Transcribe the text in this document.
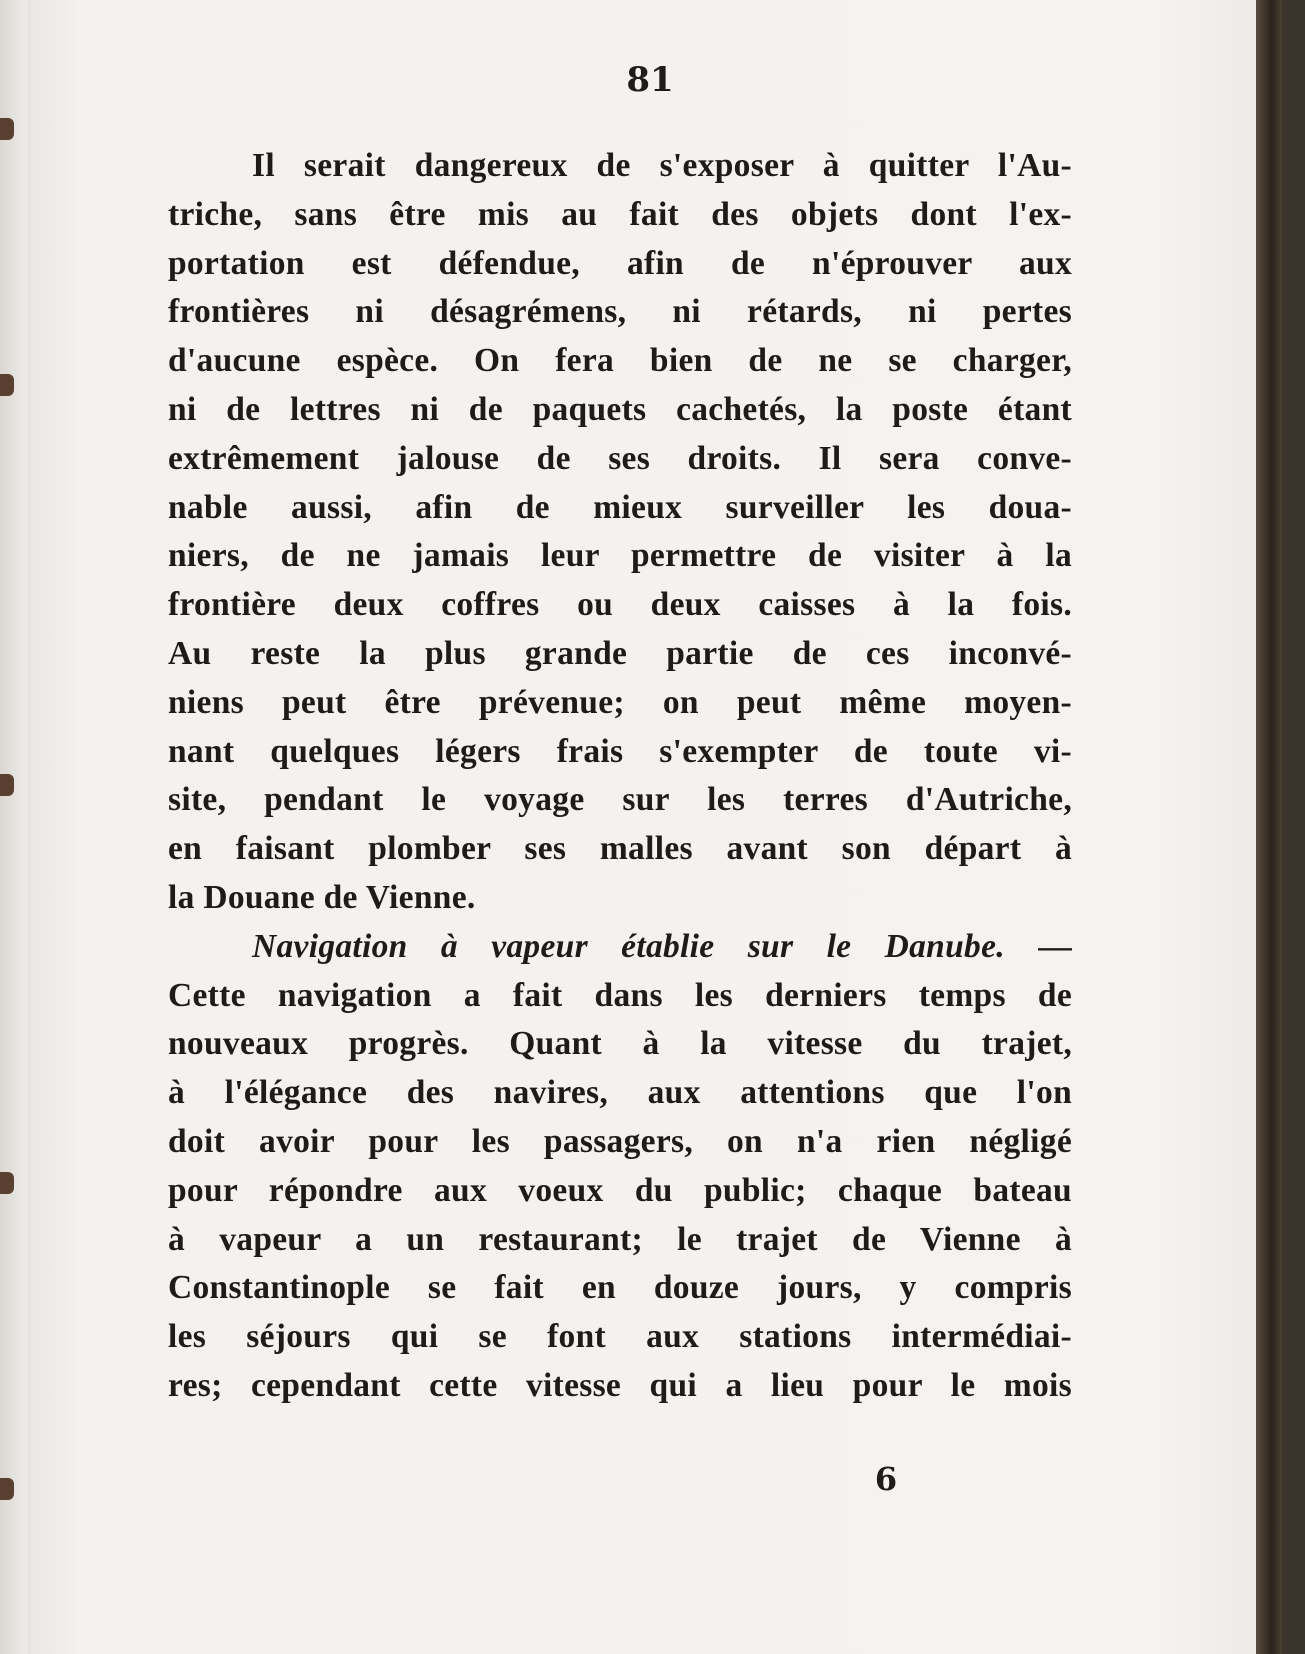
81
Il serait dangereux de s'exposer à quitter l'Au-
triche, sans être mis au fait des objets dont l'ex-
portation est défendue, afin de n'éprouver aux
frontières ni désagrémens, ni rétards, ni pertes
d'aucune espèce. On fera bien de ne se charger,
ni de lettres ni de paquets cachetés, la poste étant
extrêmement jalouse de ses droits. Il sera conve-
nable aussi, afin de mieux surveiller les doua-
niers, de ne jamais leur permettre de visiter à la
frontière deux coffres ou deux caisses à la fois.
Au reste la plus grande partie de ces inconvé-
niens peut être prévenue; on peut même moyen-
nant quelques légers frais s'exempter de toute vi-
site, pendant le voyage sur les terres d'Autriche,
en faisant plomber ses malles avant son départ à
la Douane de Vienne.
Navigation à vapeur établie sur le Danube. —
Cette navigation a fait dans les derniers temps de
nouveaux progrès. Quant à la vitesse du trajet,
à l'élégance des navires, aux attentions que l'on
doit avoir pour les passagers, on n'a rien négligé
pour répondre aux voeux du public; chaque bateau
à vapeur a un restaurant; le trajet de Vienne à
Constantinople se fait en douze jours, y compris
les séjours qui se font aux stations intermédiai-
res; cependant cette vitesse qui a lieu pour le mois
6
